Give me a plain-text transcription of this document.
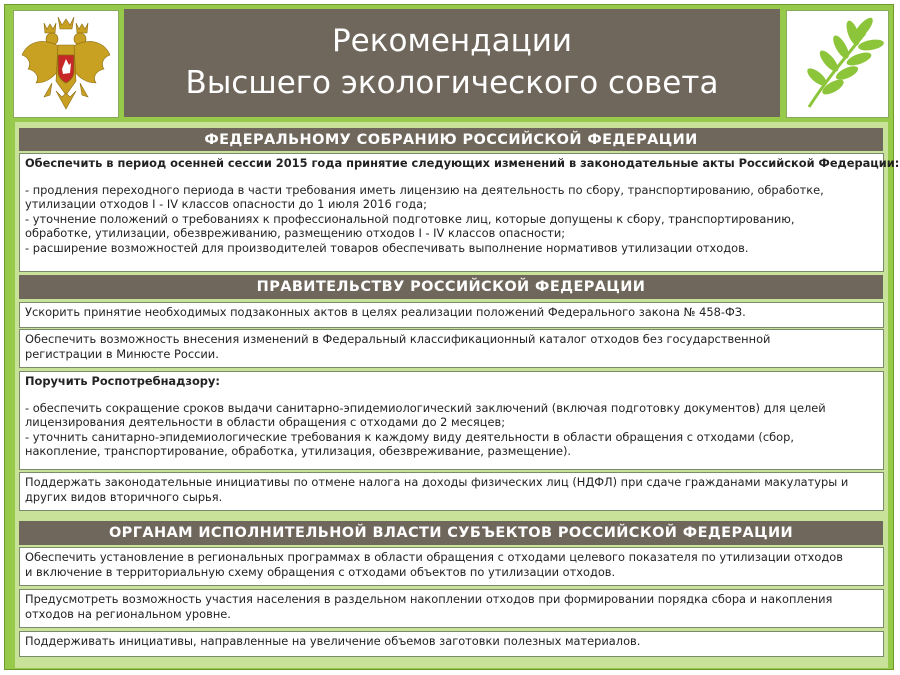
Рекомендации
Высшего экологического совета
ФЕДЕРАЛЬНОМУ СОБРАНИЮ РОССИЙСКОЙ ФЕДЕРАЦИИ
Обеспечить в период осенней сессии 2015 года принятие следующих изменений в законодательные акты Российской Федерации:
- продления переходного периода в части требования иметь лицензию на деятельность по сбору, транспортированию, обработке,
утилизации отходов I - IV классов опасности до 1 июля 2016 года;
- уточнение положений о требованиях к профессиональной подготовке лиц, которые допущены к сбору, транспортированию,
обработке, утилизации, обезвреживанию, размещению отходов I - IV классов опасности;
- расширение возможностей для производителей товаров обеспечивать выполнение нормативов утилизации отходов.
ПРАВИТЕЛЬСТВУ РОССИЙСКОЙ ФЕДЕРАЦИИ
Ускорить принятие необходимых подзаконных актов в целях реализации положений Федерального закона № 458-ФЗ.
Обеспечить возможность внесения изменений в Федеральный классификационный каталог отходов без государственной
регистрации в Минюсте России.
Поручить Роспотребнадзору:
- обеспечить сокращение сроков выдачи санитарно-эпидемиологический заключений (включая подготовку документов) для целей
лицензирования деятельности в области обращения с отходами до 2 месяцев;
- уточнить санитарно-эпидемиологические требования к каждому виду деятельности в области обращения с отходами (сбор,
накопление, транспортирование, обработка, утилизация, обезвреживание, размещение).
Поддержать законодательные инициативы по отмене налога на доходы физических лиц (НДФЛ) при сдаче гражданами макулатуры и
других видов вторичного сырья.
ОРГАНАМ ИСПОЛНИТЕЛЬНОЙ ВЛАСТИ СУБЪЕКТОВ РОССИЙСКОЙ ФЕДЕРАЦИИ
Обеспечить установление в региональных программах в области обращения с отходами целевого показателя по утилизации отходов
и включение в территориальную схему обращения с отходами объектов по утилизации отходов.
Предусмотреть возможность участия населения в раздельном накоплении отходов при формировании порядка сбора и накопления
отходов на региональном уровне.
Поддерживать инициативы, направленные на увеличение объемов заготовки полезных материалов.
